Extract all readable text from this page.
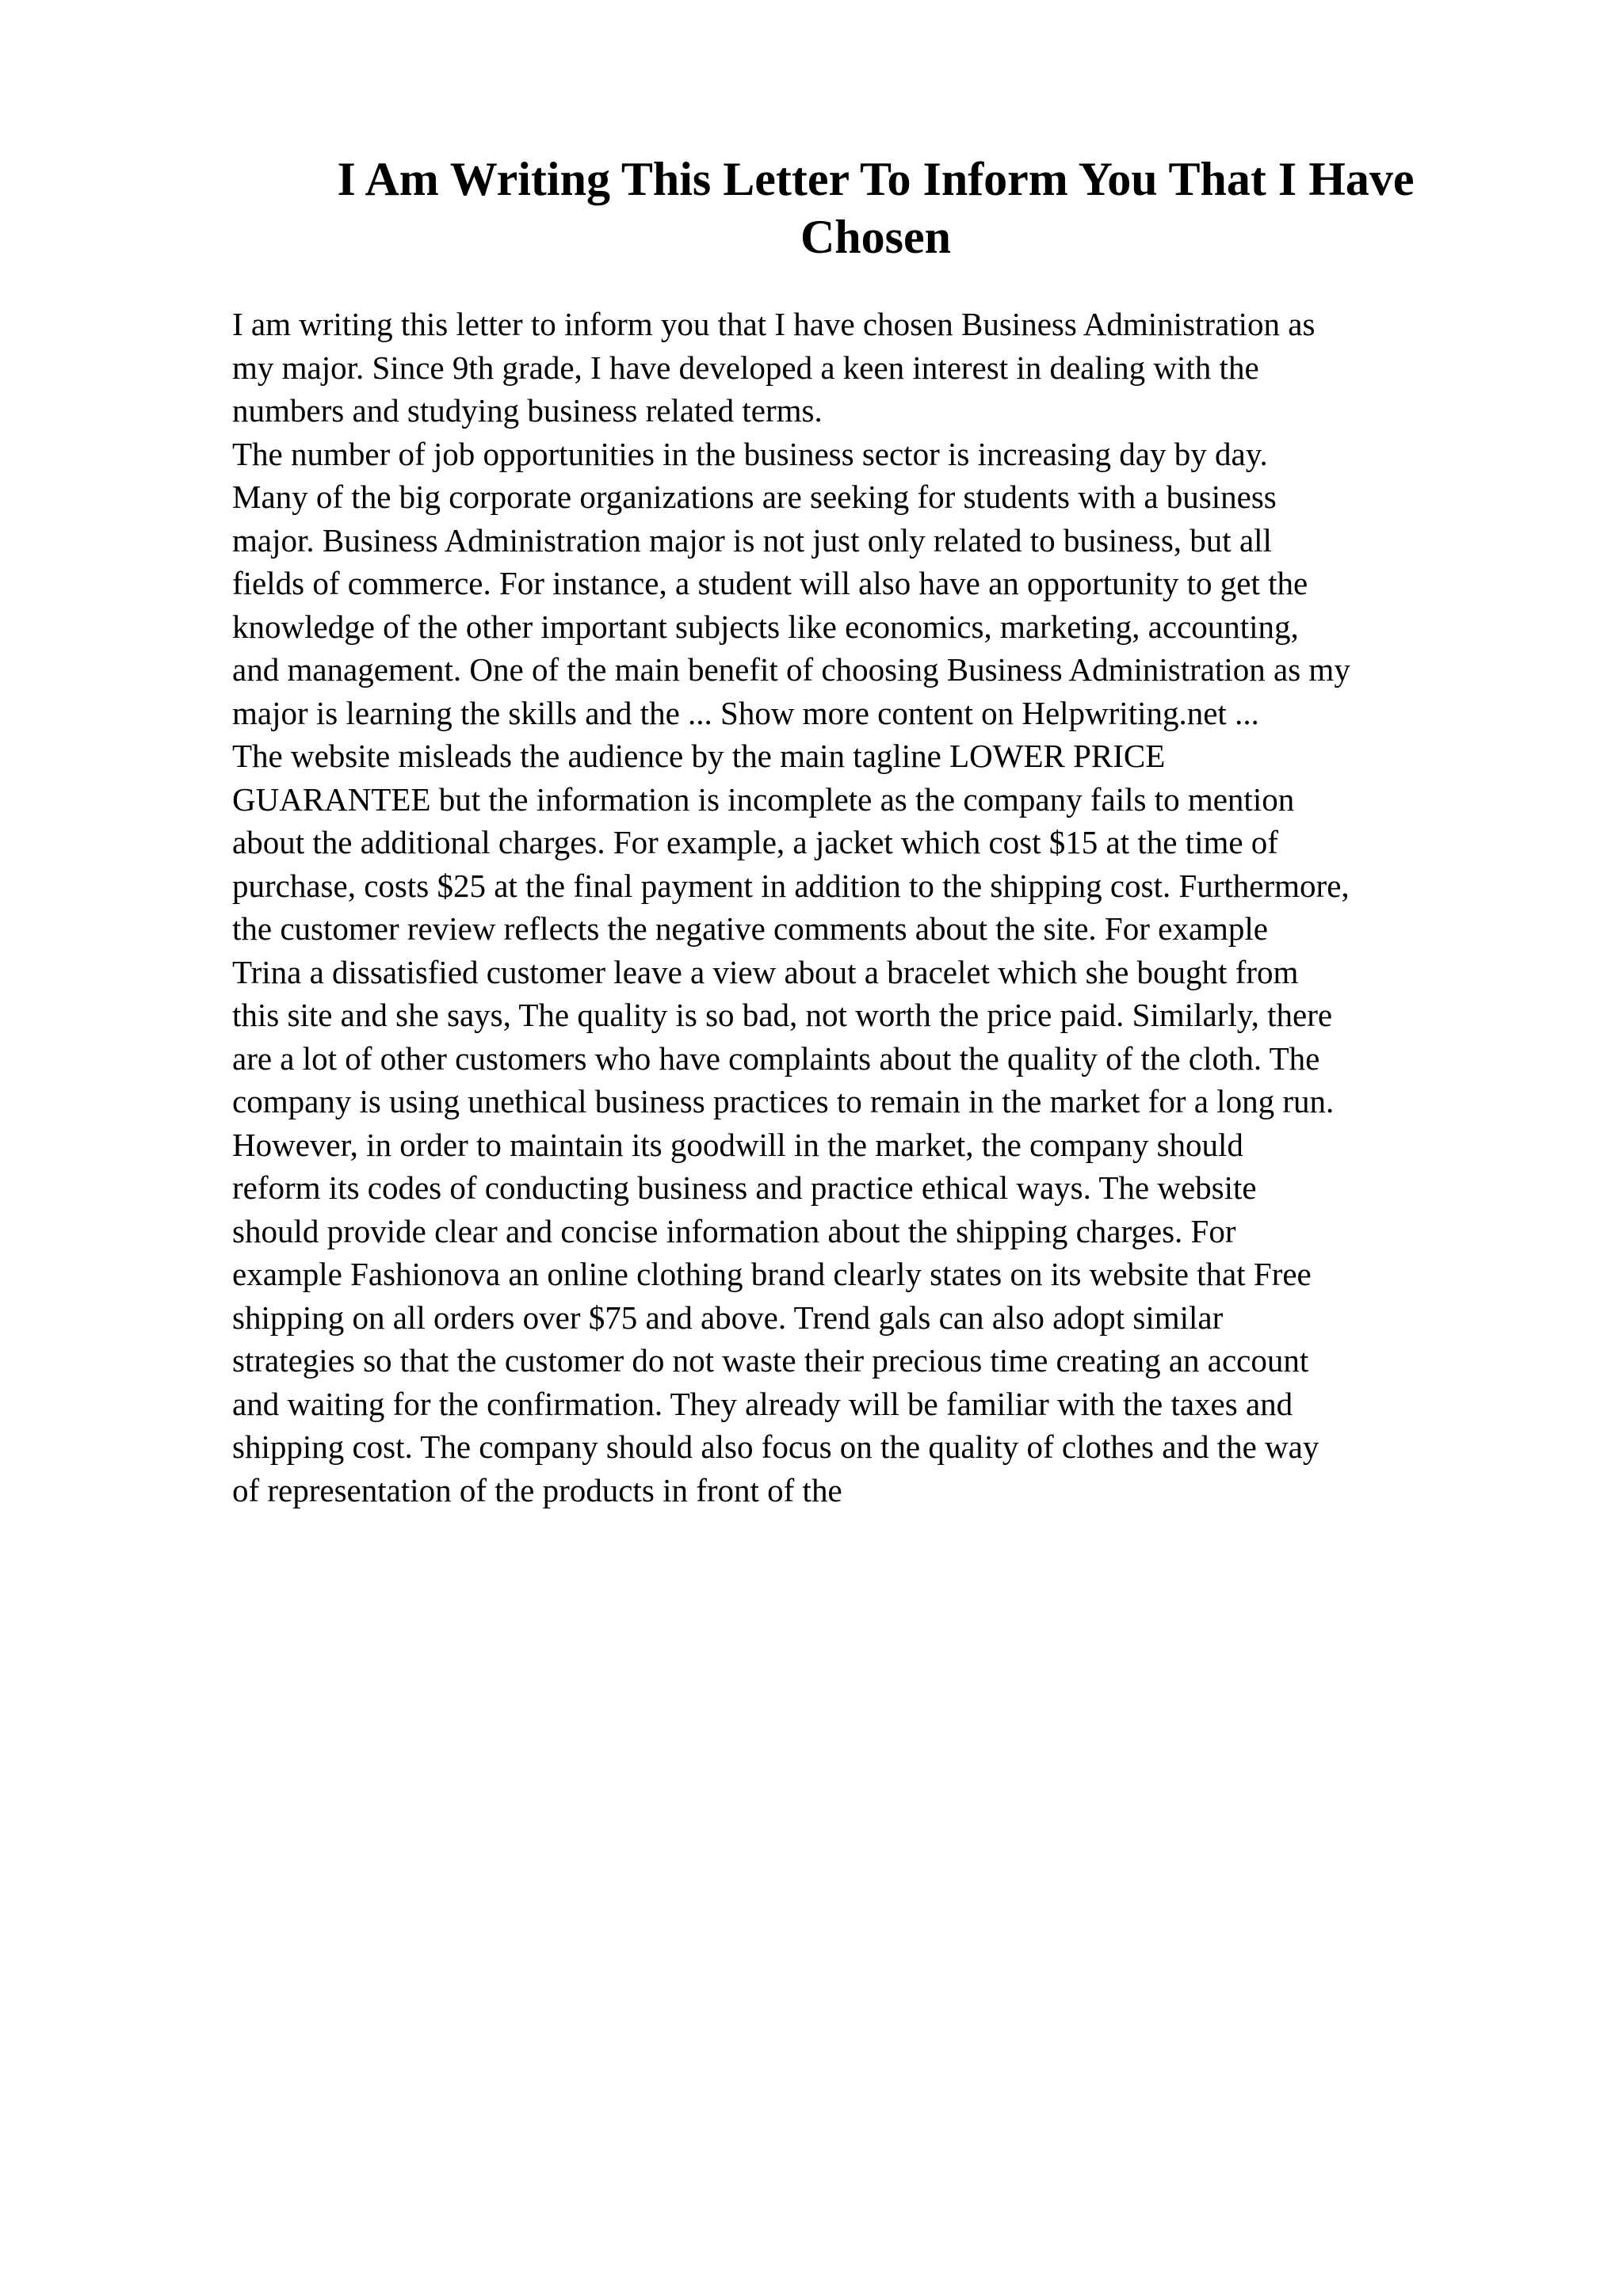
I Am Writing This Letter To Inform You That I Have
Chosen
I am writing this letter to inform you that I have chosen Business Administration as
my major. Since 9th grade, I have developed a keen interest in dealing with the
numbers and studying business related terms.
The number of job opportunities in the business sector is increasing day by day.
Many of the big corporate organizations are seeking for students with a business
major. Business Administration major is not just only related to business, but all
fields of commerce. For instance, a student will also have an opportunity to get the
knowledge of the other important subjects like economics, marketing, accounting,
and management. One of the main benefit of choosing Business Administration as my
major is learning the skills and the ... Show more content on Helpwriting.net ...
The website misleads the audience by the main tagline LOWER PRICE
GUARANTEE but the information is incomplete as the company fails to mention
about the additional charges. For example, a jacket which cost $15 at the time of
purchase, costs $25 at the final payment in addition to the shipping cost. Furthermore,
the customer review reflects the negative comments about the site. For example
Trina a dissatisfied customer leave a view about a bracelet which she bought from
this site and she says, The quality is so bad, not worth the price paid. Similarly, there
are a lot of other customers who have complaints about the quality of the cloth. The
company is using unethical business practices to remain in the market for a long run.
However, in order to maintain its goodwill in the market, the company should
reform its codes of conducting business and practice ethical ways. The website
should provide clear and concise information about the shipping charges. For
example Fashionova an online clothing brand clearly states on its website that Free
shipping on all orders over $75 and above. Trend gals can also adopt similar
strategies so that the customer do not waste their precious time creating an account
and waiting for the confirmation. They already will be familiar with the taxes and
shipping cost. The company should also focus on the quality of clothes and the way
of representation of the products in front of the
